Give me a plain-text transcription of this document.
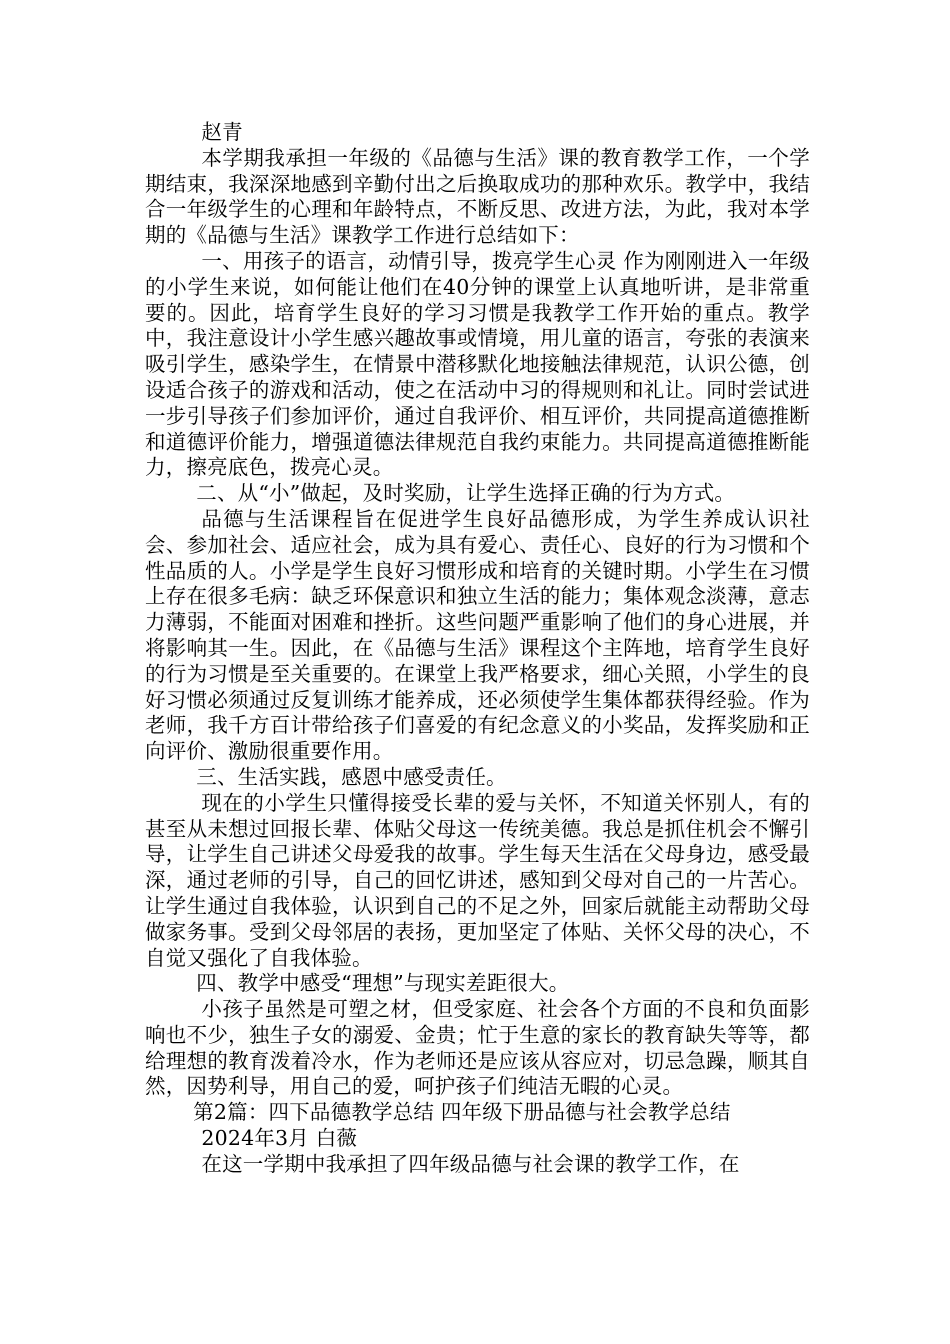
赵青

本学期我承担一年级的《品德与生活》课的教育教学工作，一个学期结束，我深深地感到辛勤付出之后换取成功的那种欢乐。教学中，我结合一年级学生的心理和年龄特点，不断反思、改进方法，为此，我对本学期的《品德与生活》课教学工作进行总结如下：

一、用孩子的语言，动情引导，拨亮学生心灵 作为刚刚进入一年级的小学生来说，如何能让他们在40分钟的课堂上认真地听讲，是非常重要的。因此，培育学生良好的学习习惯是我教学工作开始的重点。教学中，我注意设计小学生感兴趣故事或情境，用儿童的语言，夸张的表演来吸引学生，感染学生，在情景中潜移默化地接触法律规范，认识公德，创设适合孩子的游戏和活动，使之在活动中习的得规则和礼让。同时尝试进一步引导孩子们参加评价，通过自我评价、相互评价，共同提高道德推断和道德评价能力，增强道德法律规范自我约束能力。共同提高道德推断能力，擦亮底色，拨亮心灵。

二、从“小”做起，及时奖励，让学生选择正确的行为方式。

品德与生活课程旨在促进学生良好品德形成，为学生养成认识社会、参加社会、适应社会，成为具有爱心、责任心、良好的行为习惯和个性品质的人。小学是学生良好习惯形成和培育的关键时期。小学生在习惯上存在很多毛病：缺乏环保意识和独立生活的能力；集体观念淡薄，意志力薄弱，不能面对困难和挫折。这些问题严重影响了他们的身心进展，并将影响其一生。因此，在《品德与生活》课程这个主阵地，培育学生良好的行为习惯是至关重要的。在课堂上我严格要求，细心关照，小学生的良好习惯必须通过反复训练才能养成，还必须使学生集体都获得经验。作为老师，我千方百计带给孩子们喜爱的有纪念意义的小奖品，发挥奖励和正向评价、激励很重要作用。

三、生活实践，感恩中感受责任。

现在的小学生只懂得接受长辈的爱与关怀，不知道关怀别人，有的甚至从未想过回报长辈、体贴父母这一传统美德。我总是抓住机会不懈引导，让学生自己讲述父母爱我的故事。学生每天生活在父母身边，感受最深，通过老师的引导，自己的回忆讲述，感知到父母对自己的一片苦心。让学生通过自我体验，认识到自己的不足之外，回家后就能主动帮助父母做家务事。受到父母邻居的表扬，更加坚定了体贴、关怀父母的决心，不自觉又强化了自我体验。

四、教学中感受“理想”与现实差距很大。

小孩子虽然是可塑之材，但受家庭、社会各个方面的不良和负面影响也不少，独生子女的溺爱、金贵；忙于生意的家长的教育缺失等等，都给理想的教育泼着冷水，作为老师还是应该从容应对，切忌急躁，顺其自然，因势利导，用自己的爱，呵护孩子们纯洁无暇的心灵。

第2篇：四下品德教学总结 四年级下册品德与社会教学总结

2024年3月 白薇

在这一学期中我承担了四年级品德与社会课的教学工作，在
